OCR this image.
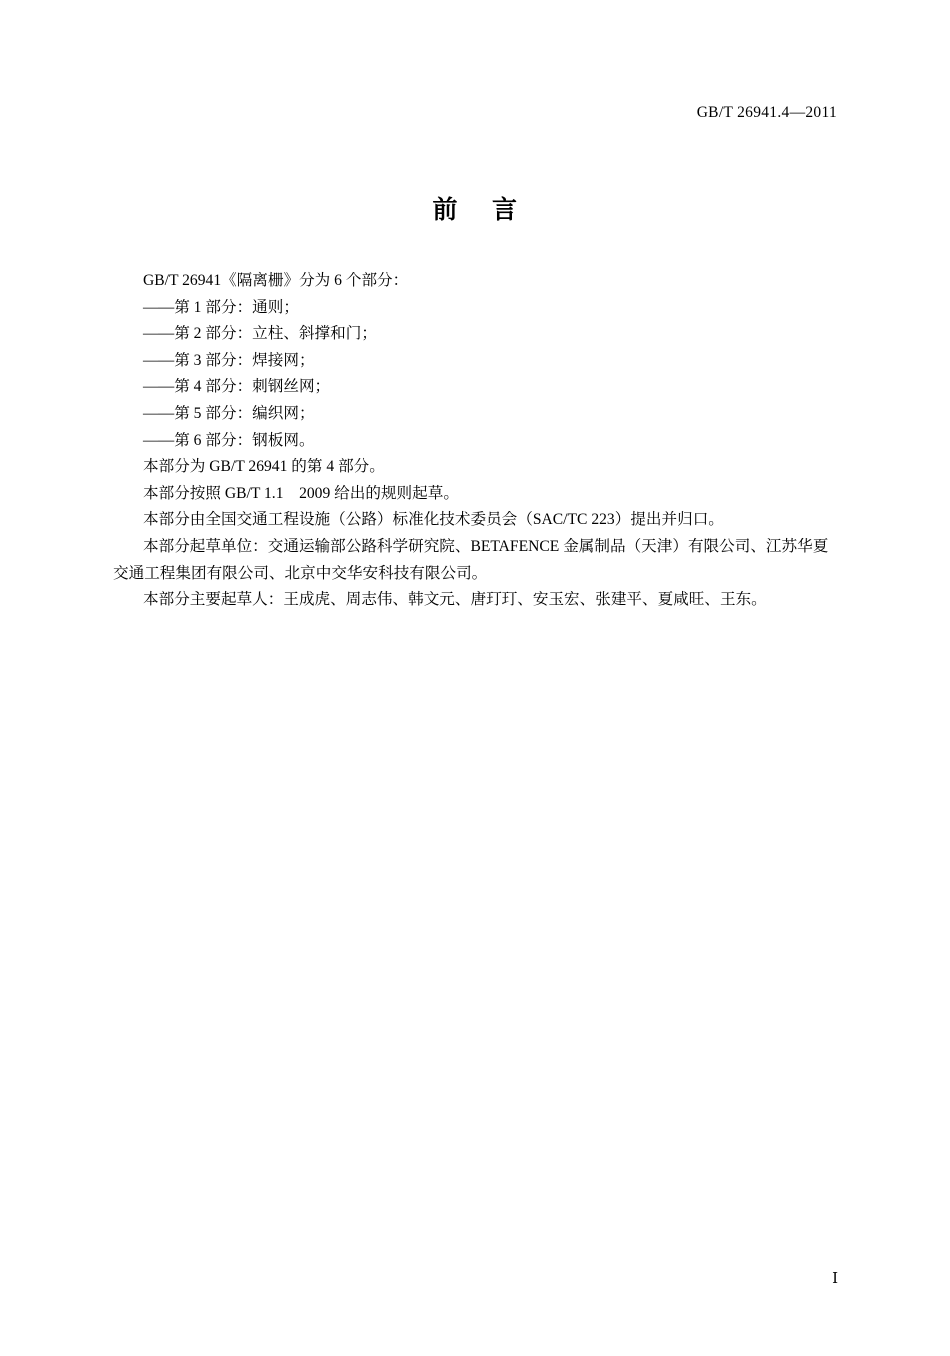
GB/T 26941.4—2011
前 言
GB/T 26941《隔离栅》分为 6 个部分：
——第 1 部分：通则；
——第 2 部分：立柱、斜撑和门；
——第 3 部分：焊接网；
——第 4 部分：刺钢丝网；
——第 5 部分：编织网；
——第 6 部分：钢板网。
本部分为 GB/T 26941 的第 4 部分。
本部分按照 GB/T 1.1　2009 给出的规则起草。
本部分由全国交通工程设施（公路）标准化技术委员会（SAC/TC 223）提出并归口。
本部分起草单位：交通运输部公路科学研究院、BETAFENCE 金属制品（天津）有限公司、江苏华夏交通工程集团有限公司、北京中交华安科技有限公司。
本部分主要起草人：王成虎、周志伟、韩文元、唐玎玎、安玉宏、张建平、夏咸旺、王东。
Ⅰ
